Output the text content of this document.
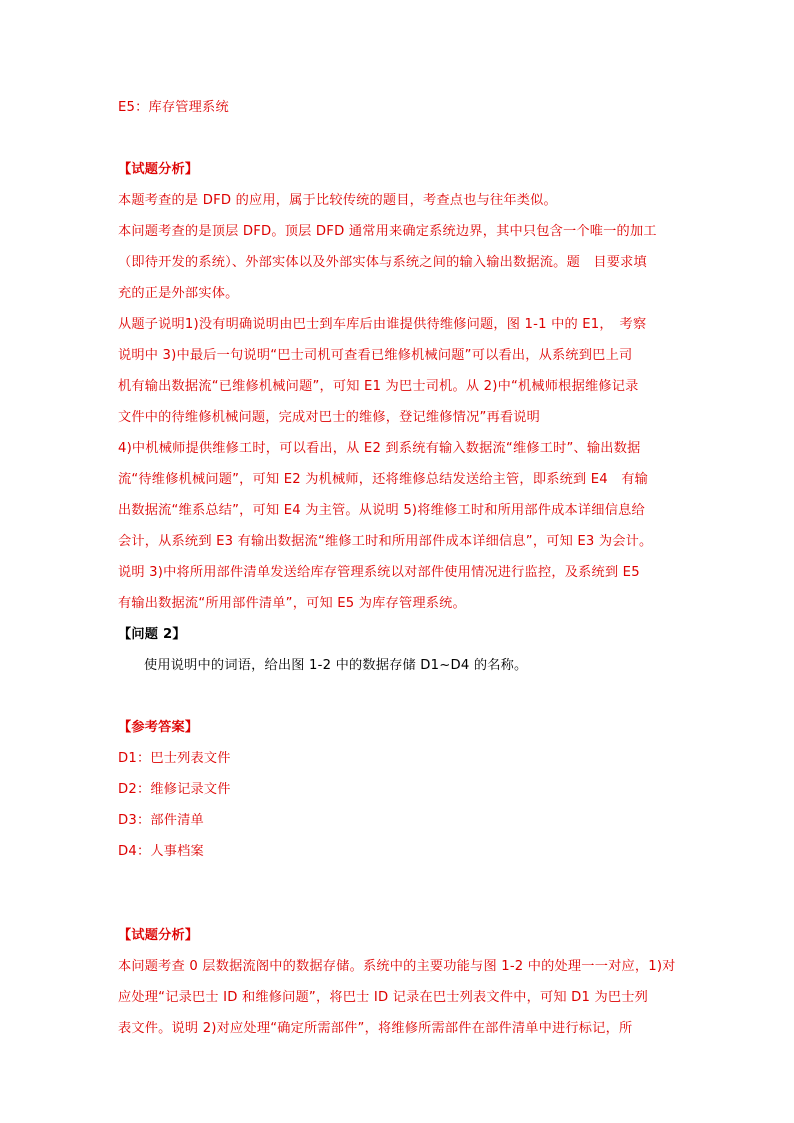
E5：库存管理系统
【试题分析】
本题考查的是 DFD 的应用，属于比较传统的题目，考查点也与往年类似。
本问题考查的是顶层 DFD。顶层 DFD 通常用来确定系统边界，其中只包含一个唯一的加工
（即待开发的系统）、外部实体以及外部实体与系统之间的输入输出数据流。题　目要求填
充的正是外部实体。
从题子说明1)没有明确说明由巴士到车库后由谁提供待维修问题，图 1-1 中的 E1，　考察
说明中 3)中最后一句说明“巴士司机可查看已维修机械问题”可以看出，从系统到巴上司
机有输出数据流“已维修机械问题”，可知 E1 为巴士司机。从 2)中“机械师根据维修记录
文件中的待维修机械问题，完成对巴士的维修，登记维修情况”再看说明
4)中机械师提供维修工时，可以看出，从 E2 到系统有输入数据流“维修工时”、输出数据
流“待维修机械问题”，可知 E2 为机械师，还将维修总结发送给主管，即系统到 E4　有输
出数据流“维系总结”，可知 E4 为主管。从说明 5)将维修工时和所用部件成本详细信息给
会计，从系统到 E3 有输出数据流“维修工时和所用部件成本详细信息”，可知 E3 为会计。
说明 3)中将所用部件清单发送给库存管理系统以对部件使用情况进行监控，及系统到 E5
有输出数据流“所用部件清单”，可知 E5 为库存管理系统。
【问题 2】
使用说明中的词语，给出图 1-2 中的数据存储 D1~D4 的名称。
【参考答案】
D1：巴士列表文件
D2：维修记录文件
D3：部件清单
D4：人事档案
【试题分析】
本问题考查 0 层数据流阁中的数据存储。系统中的主要功能与图 1-2 中的处理一一对应，1)对
应处理“记录巴士 ID 和维修问题”，将巴士 ID 记录在巴士列表文件中，可知 D1 为巴士列
表文件。说明 2)对应处理“确定所需部件”，将维修所需部件在部件清单中进行标记，所
